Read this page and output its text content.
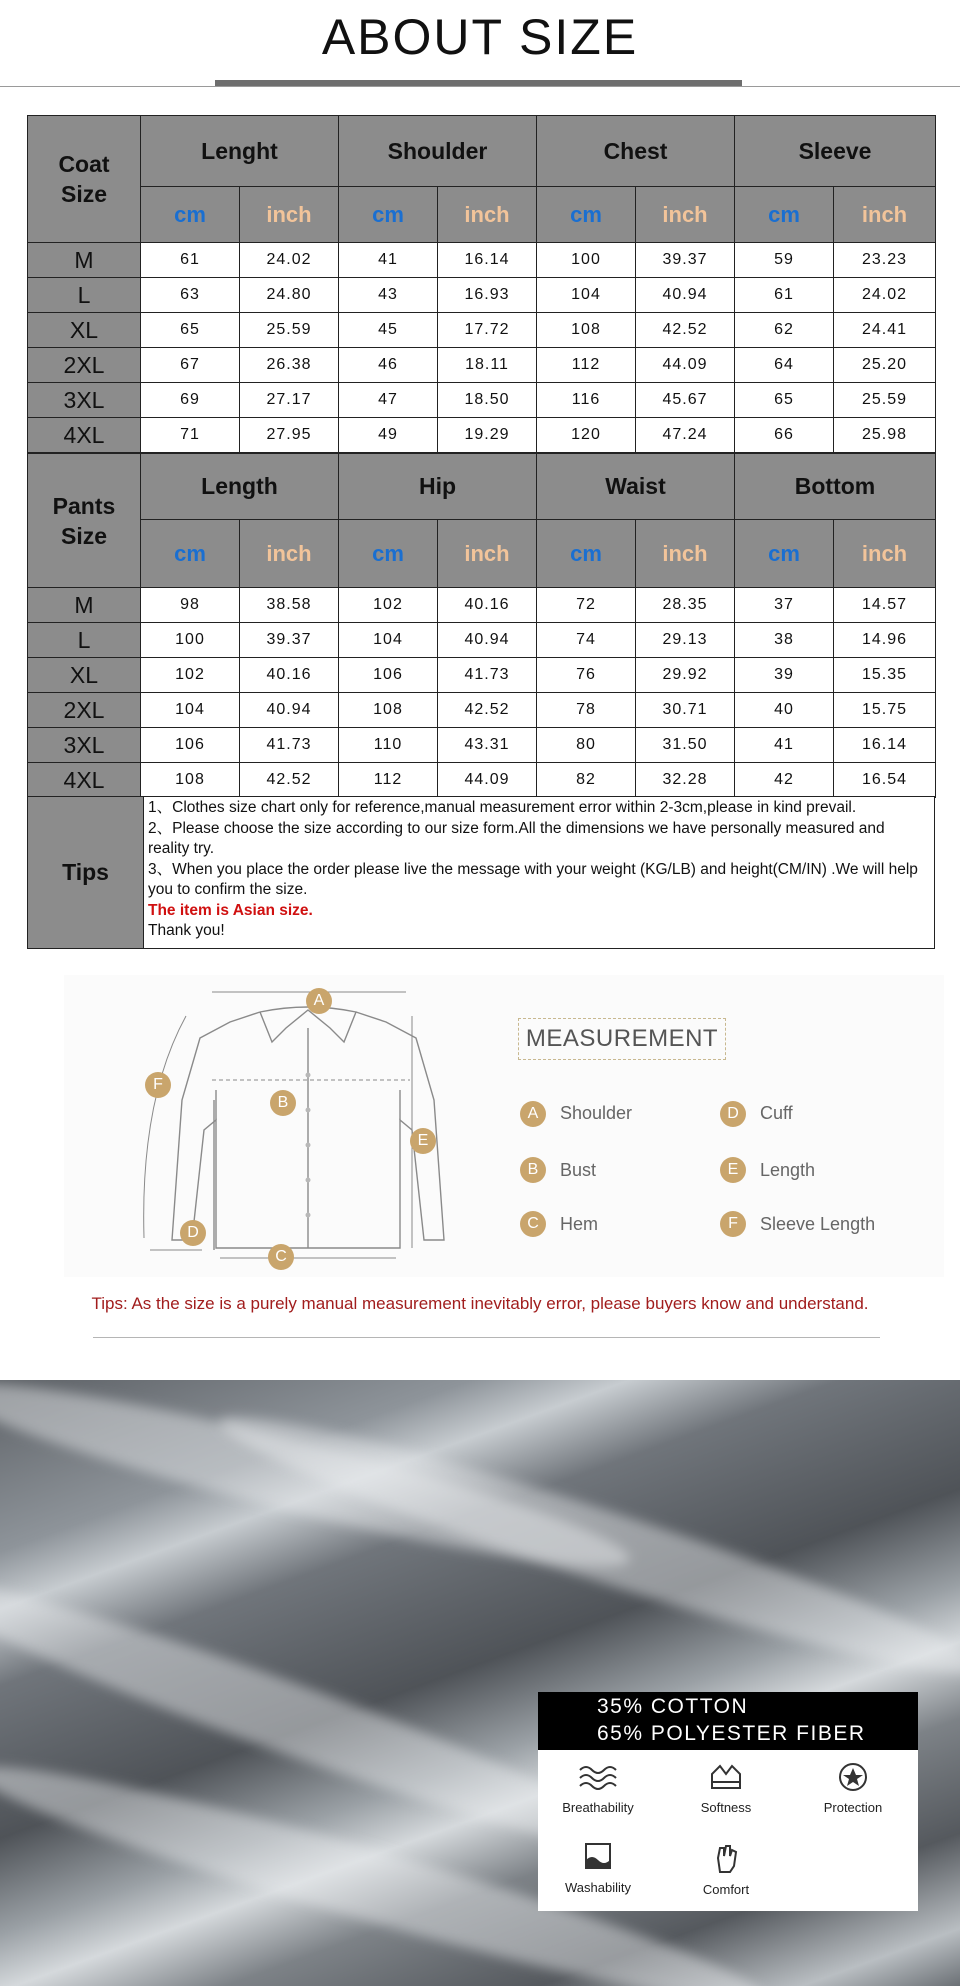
ABOUT SIZE
Coat
Size	Lenght		Shoulder		Chest		Sleeve	
	cm	inch	cm	inch	cm	inch	cm	inch
M	61	24.02	41	16.14	100	39.37	59	23.23
L	63	24.80	43	16.93	104	40.94	61	24.02
XL	65	25.59	45	17.72	108	42.52	62	24.41
2XL	67	26.38	46	18.11	112	44.09	64	25.20
3XL	69	27.17	47	18.50	116	45.67	65	25.59
4XL	71	27.95	49	19.29	120	47.24	66	25.98
Pants
Size	Length		Hip		Waist		Bottom	
	cm	inch	cm	inch	cm	inch	cm	inch
M	98	38.58	102	40.16	72	28.35	37	14.57
L	100	39.37	104	40.94	74	29.13	38	14.96
XL	102	40.16	106	41.73	76	29.92	39	15.35
2XL	104	40.94	108	42.52	78	30.71	40	15.75
3XL	106	41.73	110	43.31	80	31.50	41	16.14
4XL	108	42.52	112	44.09	82	32.28	42	16.54
Tips	
1、Clothes size chart only for reference,manual measurement error within 2-3cm,please in kind prevail.
2、Please choose the size according to our size form.All the dimensions we have personally measured and reality try.
3、When you place the order please live the message with your weight (KG/LB) and height(CM/IN) .We will help you to confirm the size.
The item is Asian size.
Thank you!
A
B
C
D
E
F
MEASUREMENT
A	Shoulder
B	Bust
C	Hem
D	Cuff
E	Length
F	Sleeve Length
Tips: As the size is a purely manual measurement inevitably error, please buyers know and understand.
35% COTTON
65% POLYESTER FIBER
Breathability	Softness	Protection
Washability	Comfort
